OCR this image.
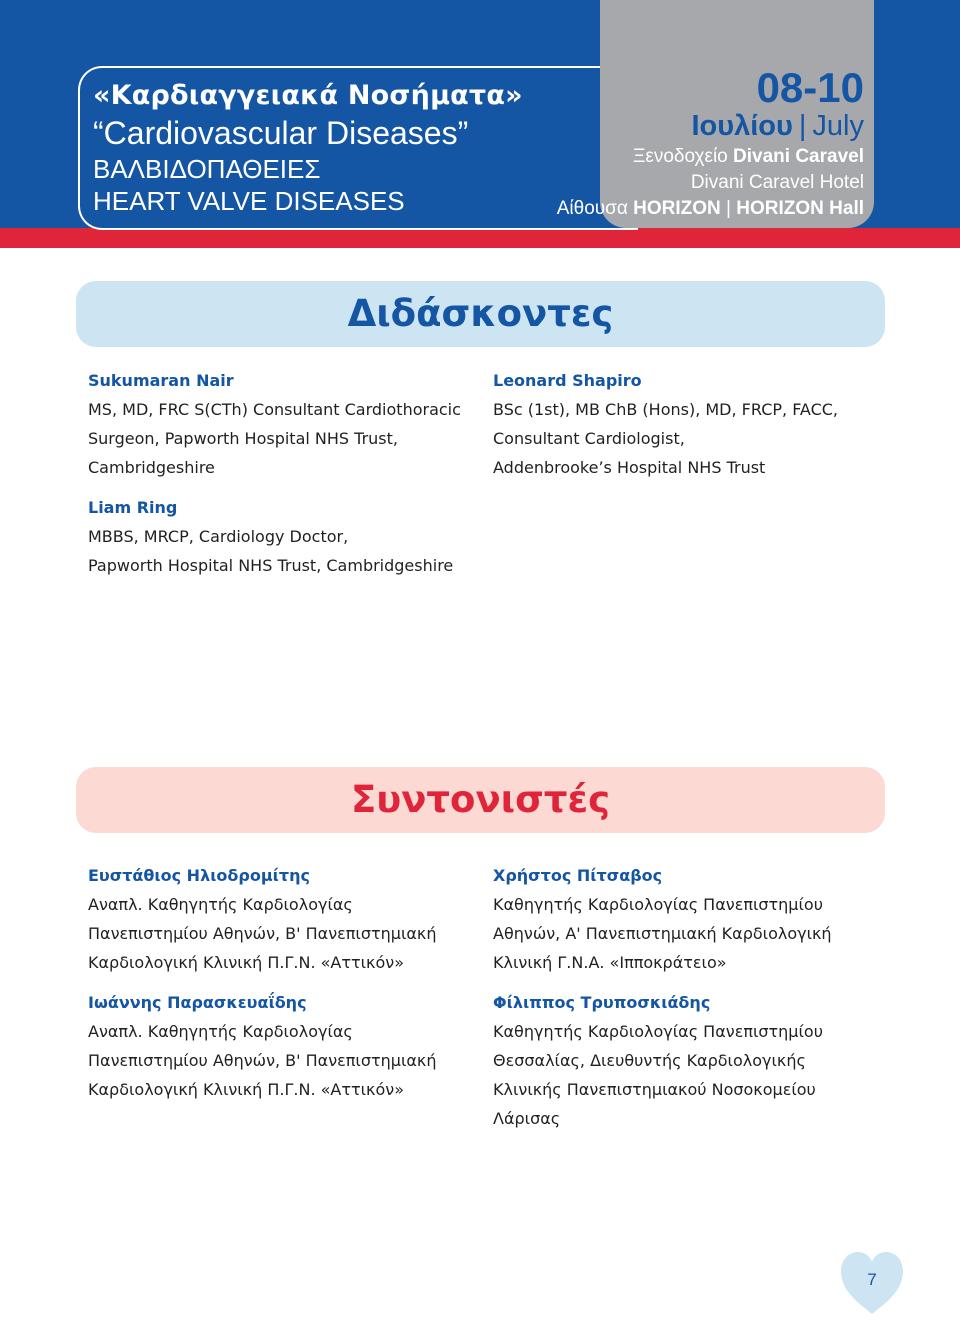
«Καρδιαγγειακά Νοσήματα»
“Cardiovascular Diseases”
ΒΑΛΒΙΔΟΠΑΘΕΙΕΣ
HEART VALVE DISEASES
08-10
Ιουλίου | July
Ξενοδοχείο Divani Caravel
Divani Caravel Hotel
Αίθουσα HORIZON | HORIZON Hall
Διδάσκοντες
Sukumaran Nair
MS, MD, FRC S(CTh) Consultant Cardiothoracic
Surgeon, Papworth Hospital NHS Trust,
Cambridgeshire
Leonard Shapiro
BSc (1st), MB ChB (Hons), MD, FRCP, FACC,
Consultant Cardiologist,
Addenbrooke’s Hospital NHS Trust
Liam Ring
MBBS, MRCP, Cardiology Doctor,
Papworth Hospital NHS Trust, Cambridgeshire
Συντονιστές
Ευστάθιος Ηλιοδρομίτης
Αναπλ. Καθηγητής Καρδιολογίας
Πανεπιστημίου Αθηνών, Β' Πανεπιστημιακή
Καρδιολογική Κλινική Π.Γ.Ν. «Αττικόν»
Χρήστος Πίτσαβος
Καθηγητής Καρδιολογίας Πανεπιστημίου
Αθηνών, Α' Πανεπιστημιακή Καρδιολογική
Κλινική Γ.Ν.Α. «Ιπποκράτειο»
Ιωάννης Παρασκευαΐδης
Αναπλ. Καθηγητής Καρδιολογίας
Πανεπιστημίου Αθηνών, Β' Πανεπιστημιακή
Καρδιολογική Κλινική Π.Γ.Ν. «Αττικόν»
Φίλιππος Τρυποσκιάδης
Καθηγητής Καρδιολογίας Πανεπιστημίου
Θεσσαλίας, Διευθυντής Καρδιολογικής
Κλινικής Πανεπιστημιακού Νοσοκομείου
Λάρισας
7
